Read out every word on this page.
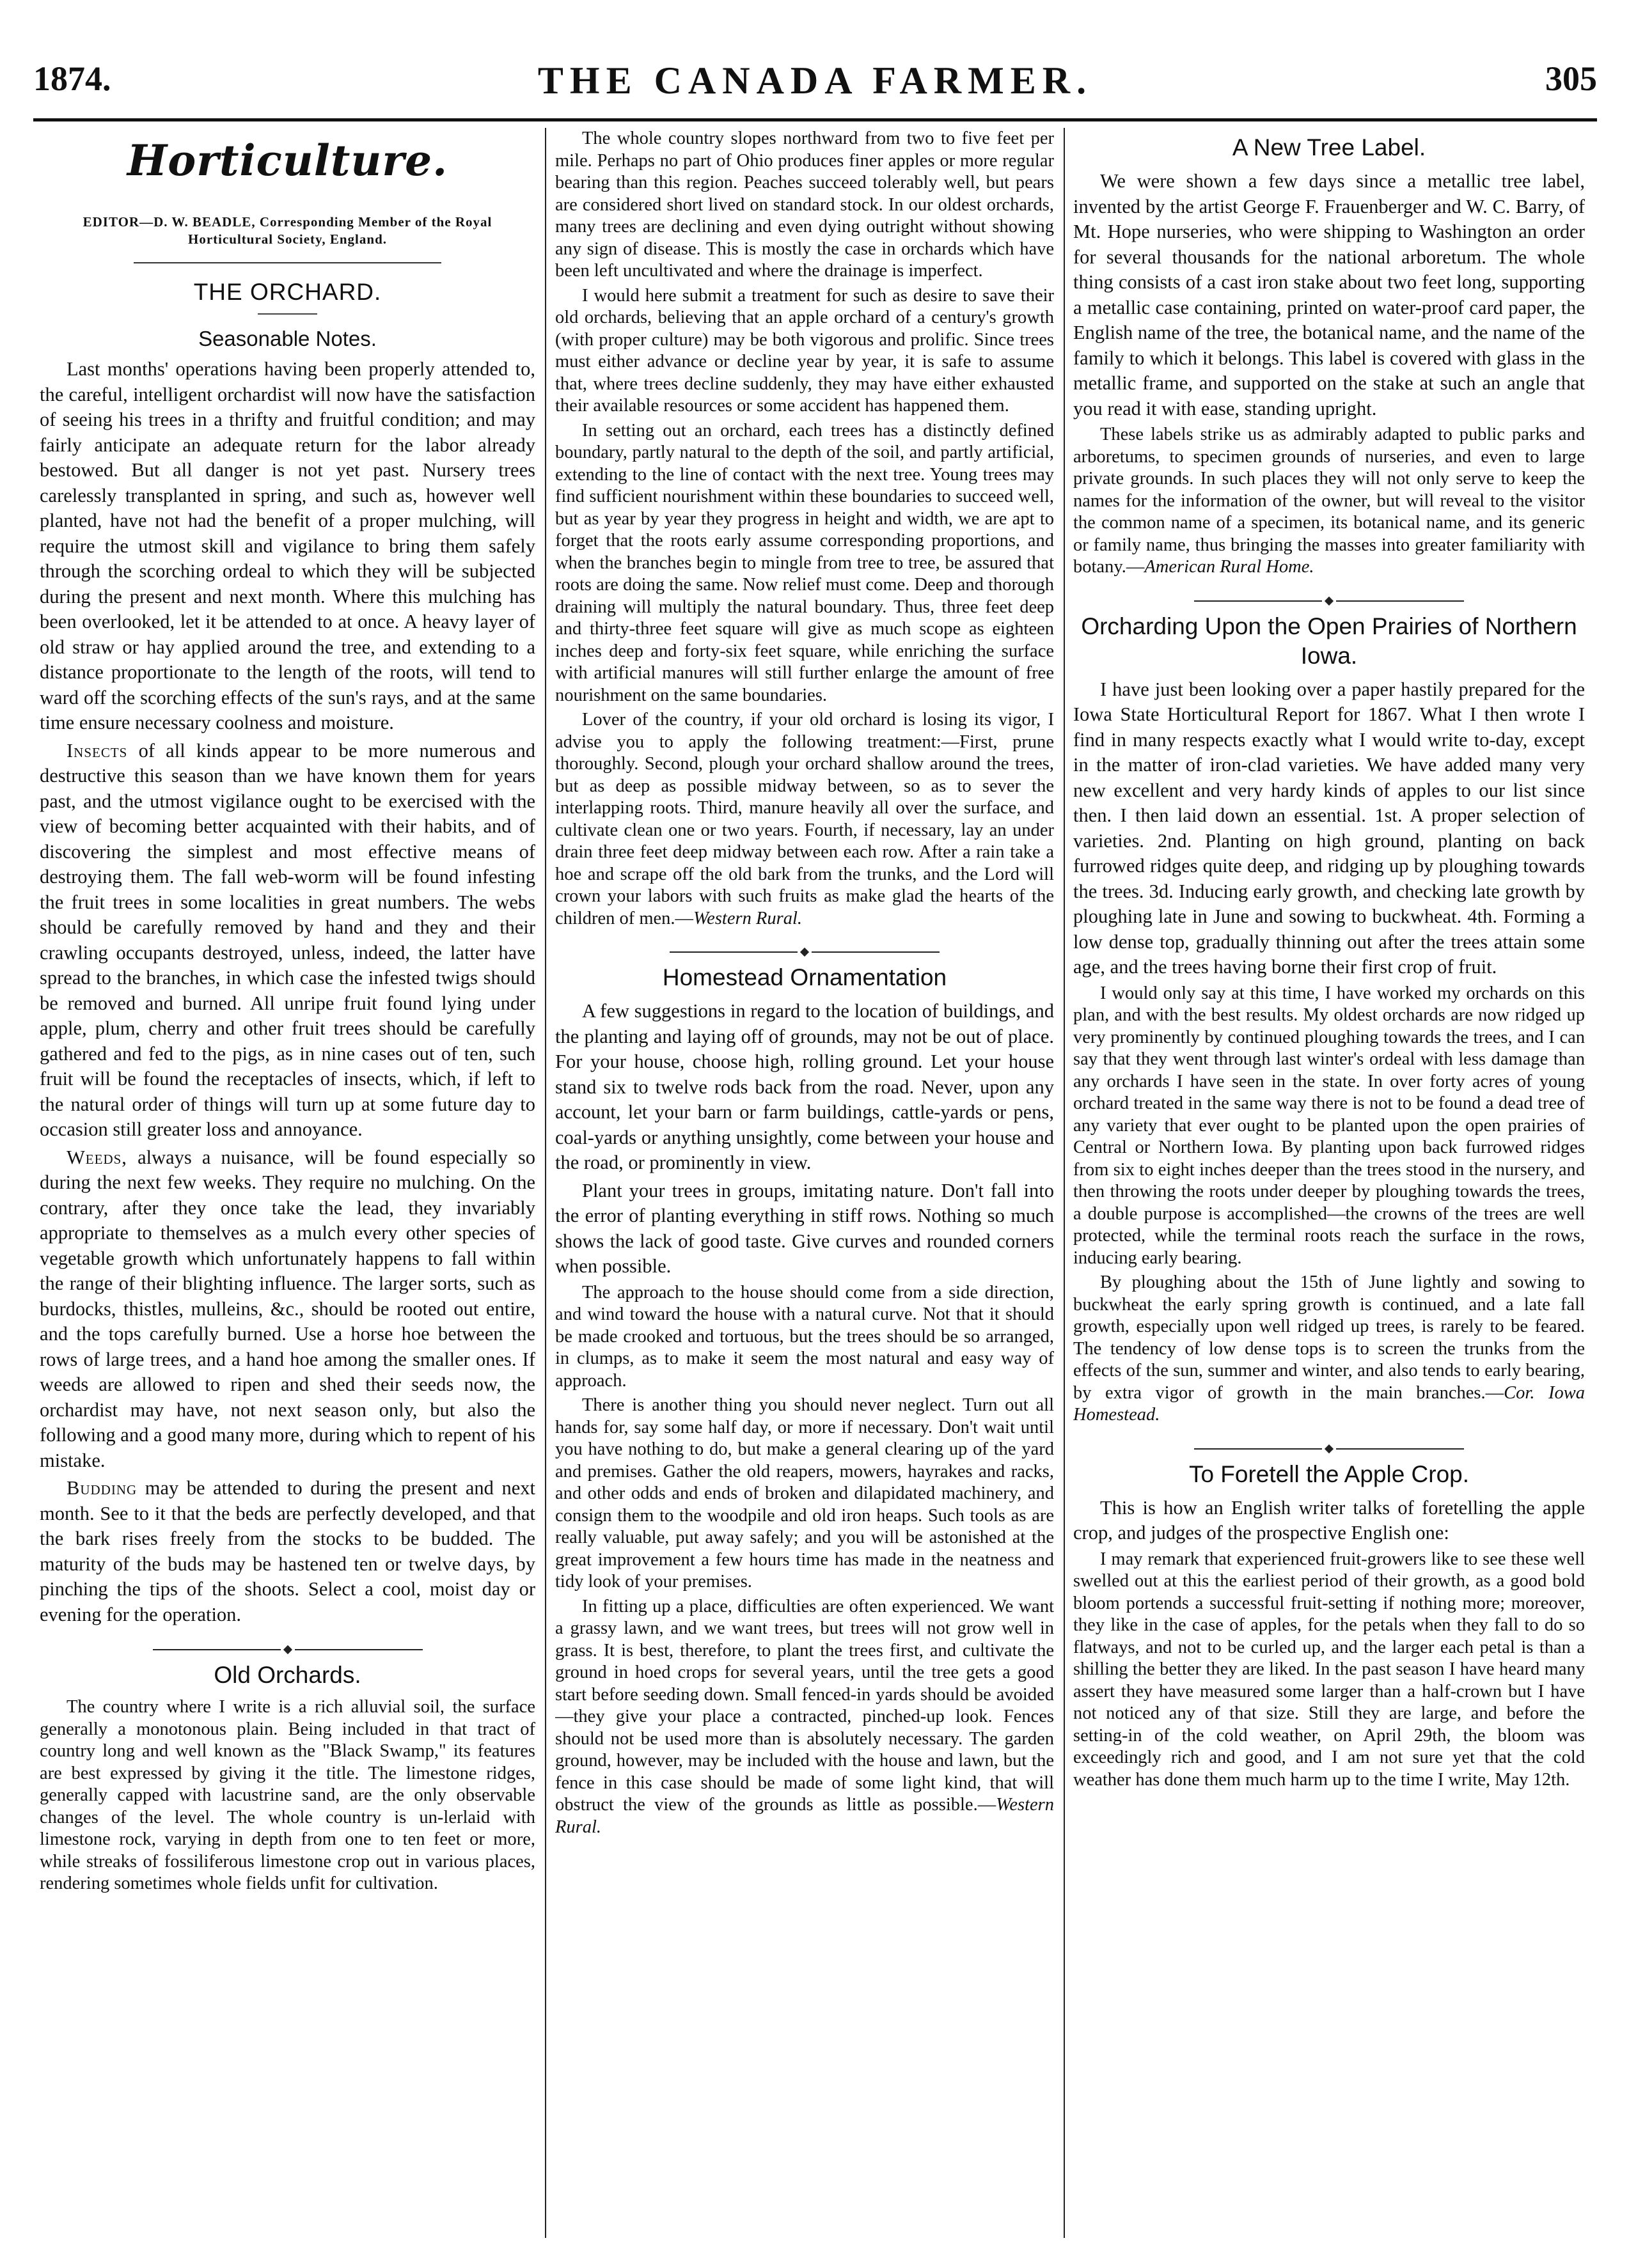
1874.	THE CANADA FARMER.	305
Horticulture.
EDITOR—D. W. BEADLE, Corresponding Member of the Royal Horticultural Society, England.
THE ORCHARD.
Seasonable Notes.

Last months' operations having been properly attended to, the careful, intelligent orchardist will now have the satisfaction of seeing his trees in a thrifty and fruitful condition; and may fairly anticipate an adequate return for the labor already bestowed. But all danger is not yet past. Nursery trees carelessly transplanted in spring, and such as, however well planted, have not had the benefit of a proper mulching, will require the utmost skill and vigilance to bring them safely through the scorching ordeal to which they will be subjected during the present and next month. Where this mulching has been overlooked, let it be attended to at once. A heavy layer of old straw or hay applied around the tree, and extending to a distance proportionate to the length of the roots, will tend to ward off the scorching effects of the sun's rays, and at the same time ensure necessary coolness and moisture.

Insects of all kinds appear to be more numerous and destructive this season than we have known them for years past, and the utmost vigilance ought to be exercised with the view of becoming better acquainted with their habits, and of discovering the simplest and most effective means of destroying them. The fall web-worm will be found infesting the fruit trees in some localities in great numbers. The webs should be carefully removed by hand and they and their crawling occupants destroyed, unless, indeed, the latter have spread to the branches, in which case the infested twigs should be removed and burned. All unripe fruit found lying under apple, plum, cherry and other fruit trees should be carefully gathered and fed to the pigs, as in nine cases out of ten, such fruit will be found the receptacles of insects, which, if left to the natural order of things will turn up at some future day to occasion still greater loss and annoyance.

Weeds, always a nuisance, will be found especially so during the next few weeks. They require no mulching. On the contrary, after they once take the lead, they invariably appropriate to themselves as a mulch every other species of vegetable growth which unfortunately happens to fall within the range of their blighting influence. The larger sorts, such as burdocks, thistles, mulleins, &c., should be rooted out entire, and the tops carefully burned. Use a horse hoe between the rows of large trees, and a hand hoe among the smaller ones. If weeds are allowed to ripen and shed their seeds now, the orchardist may have, not next season only, but also the following and a good many more, during which to repent of his mistake.

Budding may be attended to during the present and next month. See to it that the beds are perfectly developed, and that the bark rises freely from the stocks to be budded. The maturity of the buds may be hastened ten or twelve days, by pinching the tips of the shoots. Select a cool, moist day or evening for the operation.

Old Orchards.

The country where I write is a rich alluvial soil, the surface generally a monotonous plain. Being included in that tract of country long and well known as the "Black Swamp," its features are best expressed by giving it the title. The limestone ridges, generally capped with lacustrine sand, are the only observable changes of the level. The whole country is un-lerlaid with limestone rock, varying in depth from one to ten feet or more, while streaks of fossiliferous limestone crop out in various places, rendering sometimes whole fields unfit for cultivation.

The whole country slopes northward from two to five feet per mile. Perhaps no part of Ohio produces finer apples or more regular bearing than this region. Peaches succeed tolerably well, but pears are considered short lived on standard stock. In our oldest orchards, many trees are declining and even dying outright without showing any sign of disease. This is mostly the case in orchards which have been left uncultivated and where the drainage is imperfect.

I would here submit a treatment for such as desire to save their old orchards, believing that an apple orchard of a century's growth (with proper culture) may be both vigorous and prolific. Since trees must either advance or decline year by year, it is safe to assume that, where trees decline suddenly, they may have either exhausted their available resources or some accident has happened them.

In setting out an orchard, each trees has a distinctly defined boundary, partly natural to the depth of the soil, and partly artificial, extending to the line of contact with the next tree. Young trees may find sufficient nourishment within these boundaries to succeed well, but as year by year they progress in height and width, we are apt to forget that the roots early assume corresponding proportions, and when the branches begin to mingle from tree to tree, be assured that roots are doing the same. Now relief must come. Deep and thorough draining will multiply the natural boundary. Thus, three feet deep and thirty-three feet square will give as much scope as eighteen inches deep and forty-six feet square, while enriching the surface with artificial manures will still further enlarge the amount of free nourishment on the same boundaries.

Lover of the country, if your old orchard is losing its vigor, I advise you to apply the following treatment:—First, prune thoroughly. Second, plough your orchard shallow around the trees, but as deep as possible midway between, so as to sever the interlapping roots. Third, manure heavily all over the surface, and cultivate clean one or two years. Fourth, if necessary, lay an under drain three feet deep midway between each row. After a rain take a hoe and scrape off the old bark from the trunks, and the Lord will crown your labors with such fruits as make glad the hearts of the children of men.—Western Rural.

Homestead Ornamentation

A few suggestions in regard to the location of buildings, and the planting and laying off of grounds, may not be out of place. For your house, choose high, rolling ground. Let your house stand six to twelve rods back from the road. Never, upon any account, let your barn or farm buildings, cattle-yards or pens, coal-yards or anything unsightly, come between your house and the road, or prominently in view.

Plant your trees in groups, imitating nature. Don't fall into the error of planting everything in stiff rows. Nothing so much shows the lack of good taste. Give curves and rounded corners when possible.

The approach to the house should come from a side direction, and wind toward the house with a natural curve. Not that it should be made crooked and tortuous, but the trees should be so arranged, in clumps, as to make it seem the most natural and easy way of approach.

There is another thing you should never neglect. Turn out all hands for, say some half day, or more if necessary. Don't wait until you have nothing to do, but make a general clearing up of the yard and premises. Gather the old reapers, mowers, hayrakes and racks, and other odds and ends of broken and dilapidated machinery, and consign them to the woodpile and old iron heaps. Such tools as are really valuable, put away safely; and you will be astonished at the great improvement a few hours time has made in the neatness and tidy look of your premises.

In fitting up a place, difficulties are often experienced. We want a grassy lawn, and we want trees, but trees will not grow well in grass. It is best, therefore, to plant the trees first, and cultivate the ground in hoed crops for several years, until the tree gets a good start before seeding down. Small fenced-in yards should be avoided—they give your place a contracted, pinched-up look. Fences should not be used more than is absolutely necessary. The garden ground, however, may be included with the house and lawn, but the fence in this case should be made of some light kind, that will obstruct the view of the grounds as little as possible.—Western Rural.

A New Tree Label.

We were shown a few days since a metallic tree label, invented by the artist George F. Frauenberger and W. C. Barry, of Mt. Hope nurseries, who were shipping to Washington an order for several thousands for the national arboretum. The whole thing consists of a cast iron stake about two feet long, supporting a metallic case containing, printed on water-proof card paper, the English name of the tree, the botanical name, and the name of the family to which it belongs. This label is covered with glass in the metallic frame, and supported on the stake at such an angle that you read it with ease, standing upright.

These labels strike us as admirably adapted to public parks and arboretums, to specimen grounds of nurseries, and even to large private grounds. In such places they will not only serve to keep the names for the information of the owner, but will reveal to the visitor the common name of a specimen, its botanical name, and its generic or family name, thus bringing the masses into greater familiarity with botany.—American Rural Home.

Orcharding Upon the Open Prairies of Northern Iowa.

I have just been looking over a paper hastily prepared for the Iowa State Horticultural Report for 1867. What I then wrote I find in many respects exactly what I would write to-day, except in the matter of iron-clad varieties. We have added many very new excellent and very hardy kinds of apples to our list since then. I then laid down an essential. 1st. A proper selection of varieties. 2nd. Planting on high ground, planting on back furrowed ridges quite deep, and ridging up by ploughing towards the trees. 3d. Inducing early growth, and checking late growth by ploughing late in June and sowing to buckwheat. 4th. Forming a low dense top, gradually thinning out after the trees attain some age, and the trees having borne their first crop of fruit.

I would only say at this time, I have worked my orchards on this plan, and with the best results. My oldest orchards are now ridged up very prominently by continued ploughing towards the trees, and I can say that they went through last winter's ordeal with less damage than any orchards I have seen in the state. In over forty acres of young orchard treated in the same way there is not to be found a dead tree of any variety that ever ought to be planted upon the open prairies of Central or Northern Iowa. By planting upon back furrowed ridges from six to eight inches deeper than the trees stood in the nursery, and then throwing the roots under deeper by ploughing towards the trees, a double purpose is accomplished—the crowns of the trees are well protected, while the terminal roots reach the surface in the rows, inducing early bearing.

By ploughing about the 15th of June lightly and sowing to buckwheat the early spring growth is continued, and a late fall growth, especially upon well ridged up trees, is rarely to be feared. The tendency of low dense tops is to screen the trunks from the effects of the sun, summer and winter, and also tends to early bearing, by extra vigor of growth in the main branches.—Cor. Iowa Homestead.

To Foretell the Apple Crop.

This is how an English writer talks of foretelling the apple crop, and judges of the prospective English one:

I may remark that experienced fruit-growers like to see these well swelled out at this the earliest period of their growth, as a good bold bloom portends a successful fruit-setting if nothing more; moreover, they like in the case of apples, for the petals when they fall to do so flatways, and not to be curled up, and the larger each petal is than a shilling the better they are liked. In the past season I have heard many assert they have measured some larger than a half-crown but I have not noticed any of that size. Still they are large, and before the setting-in of the cold weather, on April 29th, the bloom was exceedingly rich and good, and I am not sure yet that the cold weather has done them much harm up to the time I write, May 12th.
